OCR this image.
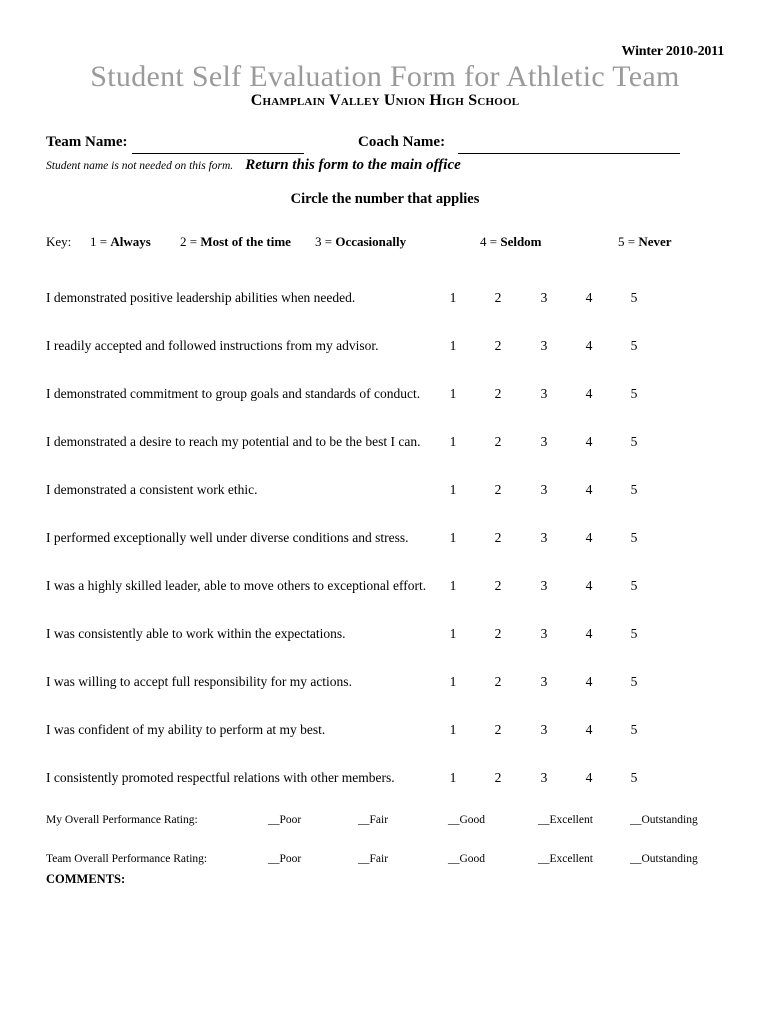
Winter 2010-2011
Student Self Evaluation Form for Athletic Team
Champlain Valley Union High School
Team Name:	Coach Name:
Student name is not needed on this form. Return this form to the main office
Circle the number that applies
Key: 1 = Always 2 = Most of the time 3 = Occasionally	4 = Seldom	5 = Never
I demonstrated positive leadership abilities when needed.	1	2	3	4	5
I readily accepted and followed instructions from my advisor.	1	2	3	4	5
I demonstrated commitment to group goals and standards of conduct. 1	2	3	4	5
I demonstrated a desire to reach my potential and to be the best I can. 1	2	3	4	5
I demonstrated a consistent work ethic.	1	2	3	4	5
I performed exceptionally well under diverse conditions and stress.	1	2	3	4	5
I was a highly skilled leader, able to move others to exceptional effort. 1	2	3	4	5
I was consistently able to work within the expectations.	1	2	3	4	5
I was willing to accept full responsibility for my actions.	1	2	3	4	5
I was confident of my ability to perform at my best.	1	2	3	4	5
I consistently promoted respectful relations with other members.	1	2	3	4	5
My Overall Performance Rating:	__Poor	__Fair	__Good	__Excellent	__Outstanding
Team Overall Performance Rating:	__Poor	__Fair	__Good	__Excellent	__Outstanding
COMMENTS:
